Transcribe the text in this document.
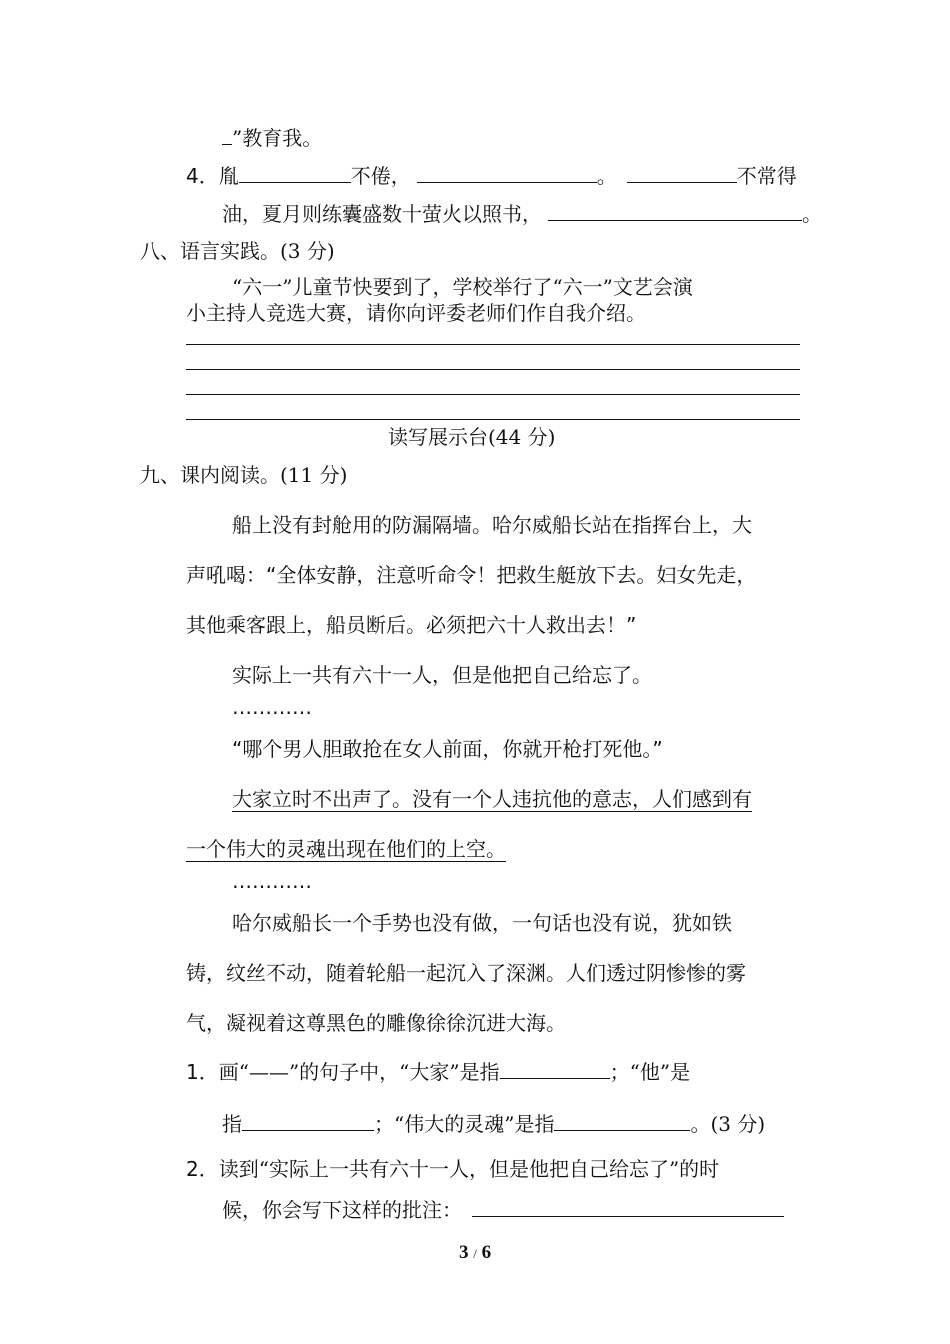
”教育我。
4．胤	不倦，	。	不常得
油，夏月则练囊盛数十萤火以照书，	。
八、语言实践。(3 分)
“六一”儿童节快要到了，学校举行了“六一”文艺会演
小主持人竞选大赛，请你向评委老师们作自我介绍。
读写展示台(44 分)
九、课内阅读。(11 分)
船上没有封舱用的防漏隔墙。哈尔威船长站在指挥台上，大
声吼喝：“全体安静，注意听命令！把救生艇放下去。妇女先走，
其他乘客跟上，船员断后。必须把六十人救出去！”
实际上一共有六十一人，但是他把自己给忘了。
…………
“哪个男人胆敢抢在女人前面，你就开枪打死他。”
大家立时不出声了。没有一个人违抗他的意志，人们感到有
一个伟大的灵魂出现在他们的上空。
…………
哈尔威船长一个手势也没有做，一句话也没有说，犹如铁
铸，纹丝不动，随着轮船一起沉入了深渊。人们透过阴惨惨的雾
气，凝视着这尊黑色的雕像徐徐沉进大海。
1．画“——”的句子中，“大家”是指	；“他”是
指	；“伟大的灵魂”是指	。(3 分)
2．读到“实际上一共有六十一人，但是他把自己给忘了”的时
候，你会写下这样的批注：
3 / 6
